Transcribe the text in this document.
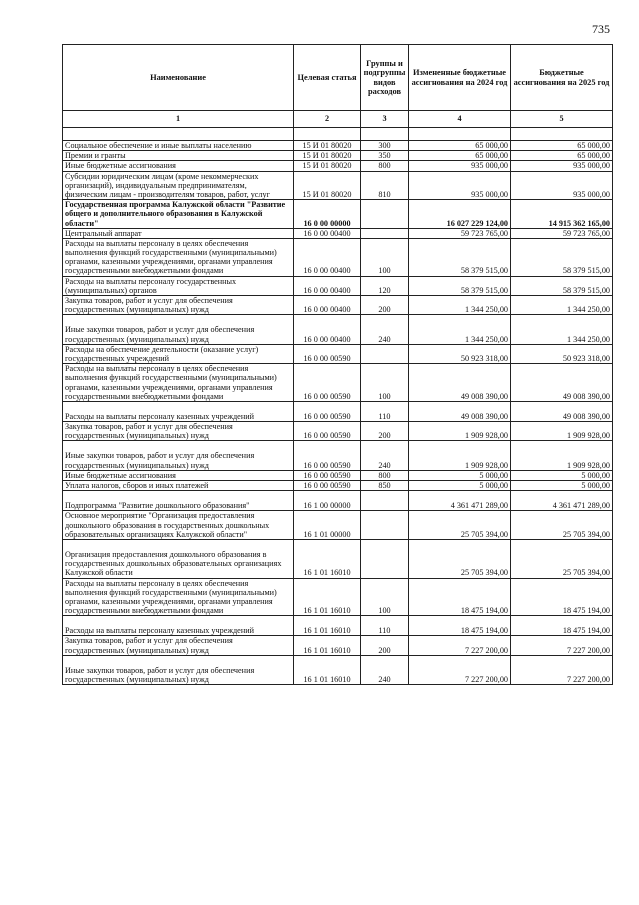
735
Наименование	Целевая статья	Группы и подгруппы видов расходов	Измененные бюджетные ассигнования на 2024 год	Бюджетные ассигнования на 2025 год
1	2	3	4	5

Социальное обеспечение и иные выплаты населению	15 И 01 80020	300	65 000,00	65 000,00
Премии и гранты	15 И 01 80020	350	65 000,00	65 000,00
Иные бюджетные ассигнования	15 И 01 80020	800	935 000,00	935 000,00
Субсидии юридическим лицам (кроме некоммерческих организаций), индивидуальным предпринимателям, физическим лицам - производителям товаров, работ, услуг	15 И 01 80020	810	935 000,00	935 000,00
Государственная программа Калужской области "Развитие общего и дополнительного образования в Калужской области"	16 0 00 00000		16 027 229 124,00	14 915 362 165,00
Центральный аппарат	16 0 00 00400		59 723 765,00	59 723 765,00
Расходы на выплаты персоналу в целях обеспечения выполнения функций государственными (муниципальными) органами, казенными учреждениями, органами управления государственными внебюджетными фондами	16 0 00 00400	100	58 379 515,00	58 379 515,00
Расходы на выплаты персоналу государственных (муниципальных) органов	16 0 00 00400	120	58 379 515,00	58 379 515,00
Закупка товаров, работ и услуг для обеспечения государственных (муниципальных) нужд	16 0 00 00400	200	1 344 250,00	1 344 250,00
Иные закупки товаров, работ и услуг для обеспечения государственных (муниципальных) нужд	16 0 00 00400	240	1 344 250,00	1 344 250,00
Расходы на обеспечение деятельности (оказание услуг) государственных учреждений	16 0 00 00590		50 923 318,00	50 923 318,00
Расходы на выплаты персоналу в целях обеспечения выполнения функций государственными (муниципальными) органами, казенными учреждениями, органами управления государственными внебюджетными фондами	16 0 00 00590	100	49 008 390,00	49 008 390,00
Расходы на выплаты персоналу казенных учреждений	16 0 00 00590	110	49 008 390,00	49 008 390,00
Закупка товаров, работ и услуг для обеспечения государственных (муниципальных) нужд	16 0 00 00590	200	1 909 928,00	1 909 928,00
Иные закупки товаров, работ и услуг для обеспечения государственных (муниципальных) нужд	16 0 00 00590	240	1 909 928,00	1 909 928,00
Иные бюджетные ассигнования	16 0 00 00590	800	5 000,00	5 000,00
Уплата налогов, сборов и иных платежей	16 0 00 00590	850	5 000,00	5 000,00
Подпрограмма "Развитие дошкольного образования"	16 1 00 00000		4 361 471 289,00	4 361 471 289,00
Основное мероприятие "Организация предоставления дошкольного образования в государственных дошкольных образовательных организациях Калужской области"	16 1 01 00000		25 705 394,00	25 705 394,00
Организация предоставления дошкольного образования в государственных дошкольных образовательных организациях Калужской области	16 1 01 16010		25 705 394,00	25 705 394,00
Расходы на выплаты персоналу в целях обеспечения выполнения функций государственными (муниципальными) органами, казенными учреждениями, органами управления государственными внебюджетными фондами	16 1 01 16010	100	18 475 194,00	18 475 194,00
Расходы на выплаты персоналу казенных учреждений	16 1 01 16010	110	18 475 194,00	18 475 194,00
Закупка товаров, работ и услуг для обеспечения государственных (муниципальных) нужд	16 1 01 16010	200	7 227 200,00	7 227 200,00
Иные закупки товаров, работ и услуг для обеспечения государственных (муниципальных) нужд	16 1 01 16010	240	7 227 200,00	7 227 200,00
